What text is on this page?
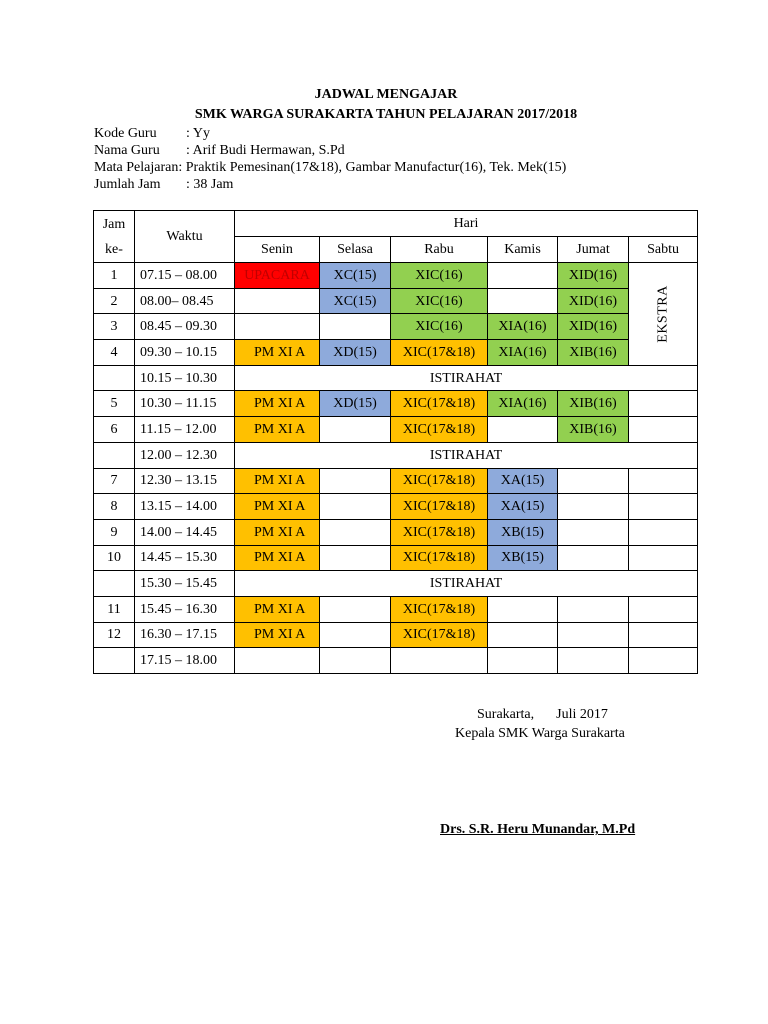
JADWAL MENGAJAR
SMK WARGA SURAKARTA TAHUN PELAJARAN 2017/2018
Kode Guru : Yy
Nama Guru : Arif Budi Hermawan, S.Pd
Mata Pelajaran: Praktik Pemesinan(17&18), Gambar Manufactur(16), Tek. Mek(15)
Jumlah Jam : 38 Jam
Jam
ke-	Waktu	Hari					
		Senin	Selasa	Rabu	Kamis	Jumat	Sabtu
1	07.15 – 08.00	UPACARA	XC(15)	XIC(16)		XID(16)	EKSTRA

2	08.00– 08.45		XC(15)	XIC(16)		XID(16)	
3	08.45 – 09.30			XIC(16)	XIA(16)	XID(16)	
4	09.30 – 10.15	PM XI A	XD(15)	XIC(17&18)	XIA(16)	XIB(16)	
	10.15 – 10.30	ISTIRAHAT					
5	10.30 – 11.15	PM XI A	XD(15)	XIC(17&18)	XIA(16)	XIB(16)	
6	11.15 – 12.00	PM XI A		XIC(17&18)		XIB(16)	
	12.00 – 12.30	ISTIRAHAT					
7	12.30 – 13.15	PM XI A		XIC(17&18)	XA(15)		
8	13.15 – 14.00	PM XI A		XIC(17&18)	XA(15)		
9	14.00 – 14.45	PM XI A		XIC(17&18)	XB(15)		
10	14.45 – 15.30	PM XI A		XIC(17&18)	XB(15)		
	15.30 – 15.45	ISTIRAHAT					
11	15.45 – 16.30	PM XI A		XIC(17&18)			
12	16.30 – 17.15	PM XI A		XIC(17&18)			
	17.15 – 18.00						
Surakarta, Juli 2017
Kepala SMK Warga Surakarta
Drs. S.R. Heru Munandar, M.Pd
